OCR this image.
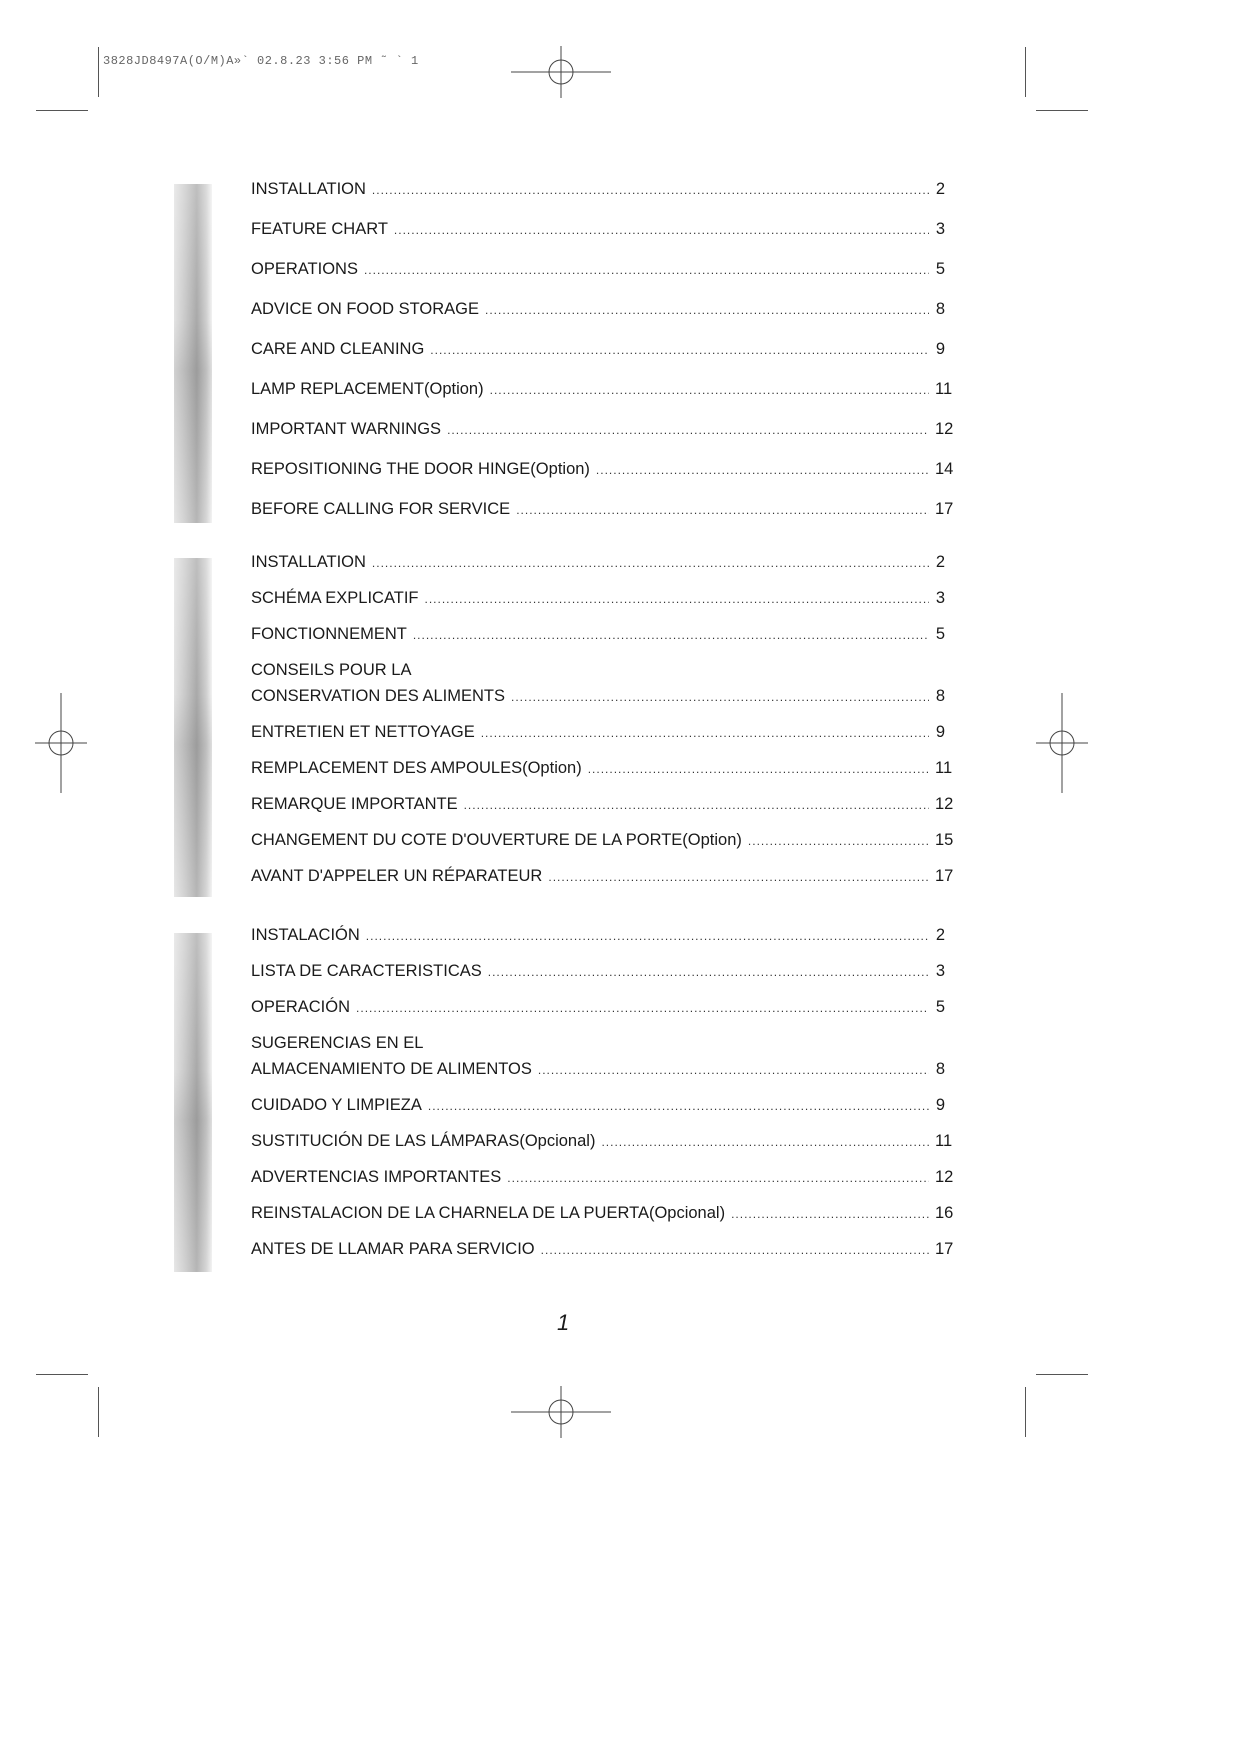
3828JD8497A(O/M)Α»` 02.8.23 3:56 PM ˜ ` 1
INSTALLATION .....	2
FEATURE CHART .....	3
OPERATIONS .....	5
ADVICE ON FOOD STORAGE .....	8
CARE AND CLEANING .....	9
LAMP REPLACEMENT(Option) .....	11
IMPORTANT WARNINGS .....	12
REPOSITIONING THE DOOR HINGE(Option) .....	14
BEFORE CALLING FOR SERVICE .....	17
INSTALLATION .....	2
SCHÉMA EXPLICATIF .....	3
FONCTIONNEMENT .....	5
CONSEILS POUR LA
CONSERVATION DES ALIMENTS .....	8
ENTRETIEN ET NETTOYAGE .....	9
REMPLACEMENT DES AMPOULES(Option) .....	11
REMARQUE IMPORTANTE .....	12
CHANGEMENT DU COTE D'OUVERTURE DE LA PORTE(Option) .....	15
AVANT D'APPELER UN RÉPARATEUR .....	17
INSTALACIÓN .....	2
LISTA DE CARACTERISTICAS .....	3
OPERACIÓN .....	5
SUGERENCIAS EN EL
ALMACENAMIENTO DE ALIMENTOS .....	8
CUIDADO Y LIMPIEZA .....	9
SUSTITUCIÓN DE LAS LÁMPARAS(Opcional) .....	11
ADVERTENCIAS IMPORTANTES .....	12
REINSTALACION DE LA CHARNELA DE LA PUERTA(Opcional) .....	16
ANTES DE LLAMAR PARA SERVICIO .....	17
1
